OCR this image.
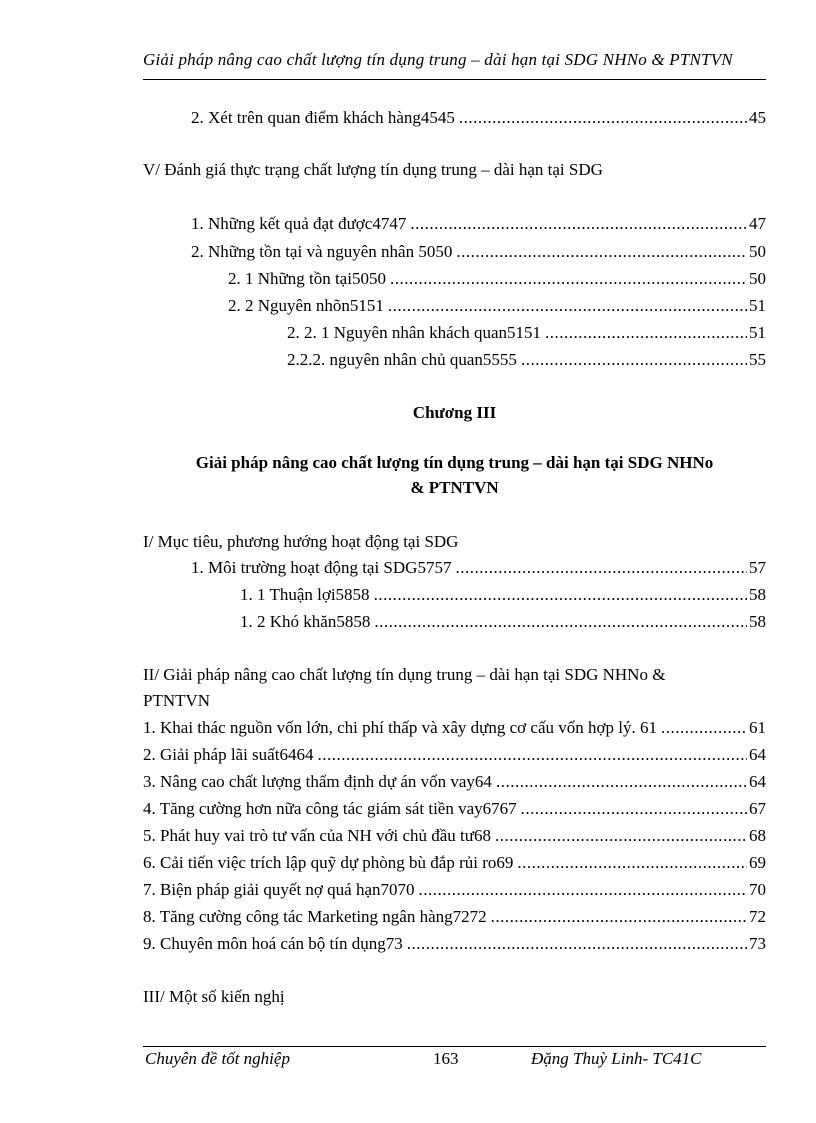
Giải pháp nâng cao chất lượng tín dụng trung – dài hạn tại SDG NHNo & PTNTVN
2. Xét trên quan điểm khách hàng4545 .....	45
V/ Đánh giá thực trạng chất lượng tín dụng trung – dài hạn tại SDG
1. Những kết quả đạt được4747 .....	47
2. Những tồn tại và nguyên nhân 5050 .....	50
2. 1 Những tồn tại5050 .....	50
2. 2 Nguyên nhõn5151 .....	51
2. 2. 1 Nguyên nhân khách quan5151 .....	51
2.2.2. nguyên nhân chủ quan5555 .....	55
Chương III
Giải pháp nâng cao chất lượng tín dụng trung – dài hạn tại SDG NHNo
& PTNTVN
I/ Mục tiêu, phương hướng hoạt động tại SDG
1. Môi trường hoạt động tại SDG5757 .....	57
1. 1 Thuận lợi5858 .....	58
1. 2 Khó khăn5858 .....	58
II/ Giải pháp nâng cao chất lượng tín dụng trung – dài hạn tại SDG NHNo &
PTNTVN
1. Khai thác nguồn vốn lớn, chi phí thấp và xây dựng cơ cấu vốn hợp lý. 61 .....	61
2. Giải pháp lãi suất6464 .....	64
3. Nâng cao chất lượng thẩm định dự án vốn vay64 .....	64
4. Tăng cường hơn nữa công tác giám sát tiền vay6767 .....	67
5. Phát huy vai trò tư vấn của NH với chủ đầu tư68 .....	68
6. Cải tiến việc trích lập quỹ dự phòng bù đắp rủi ro69 .....	69
7. Biện pháp giải quyết nợ quá hạn7070 .....	70
8. Tăng cường công tác Marketing ngân hàng7272 .....	72
9. Chuyên môn hoá cán bộ tín dụng73 .....	73
III/ Một số kiến nghị
Chuyên đề tốt nghiệp	163	Đặng Thuỳ Linh- TC41C
